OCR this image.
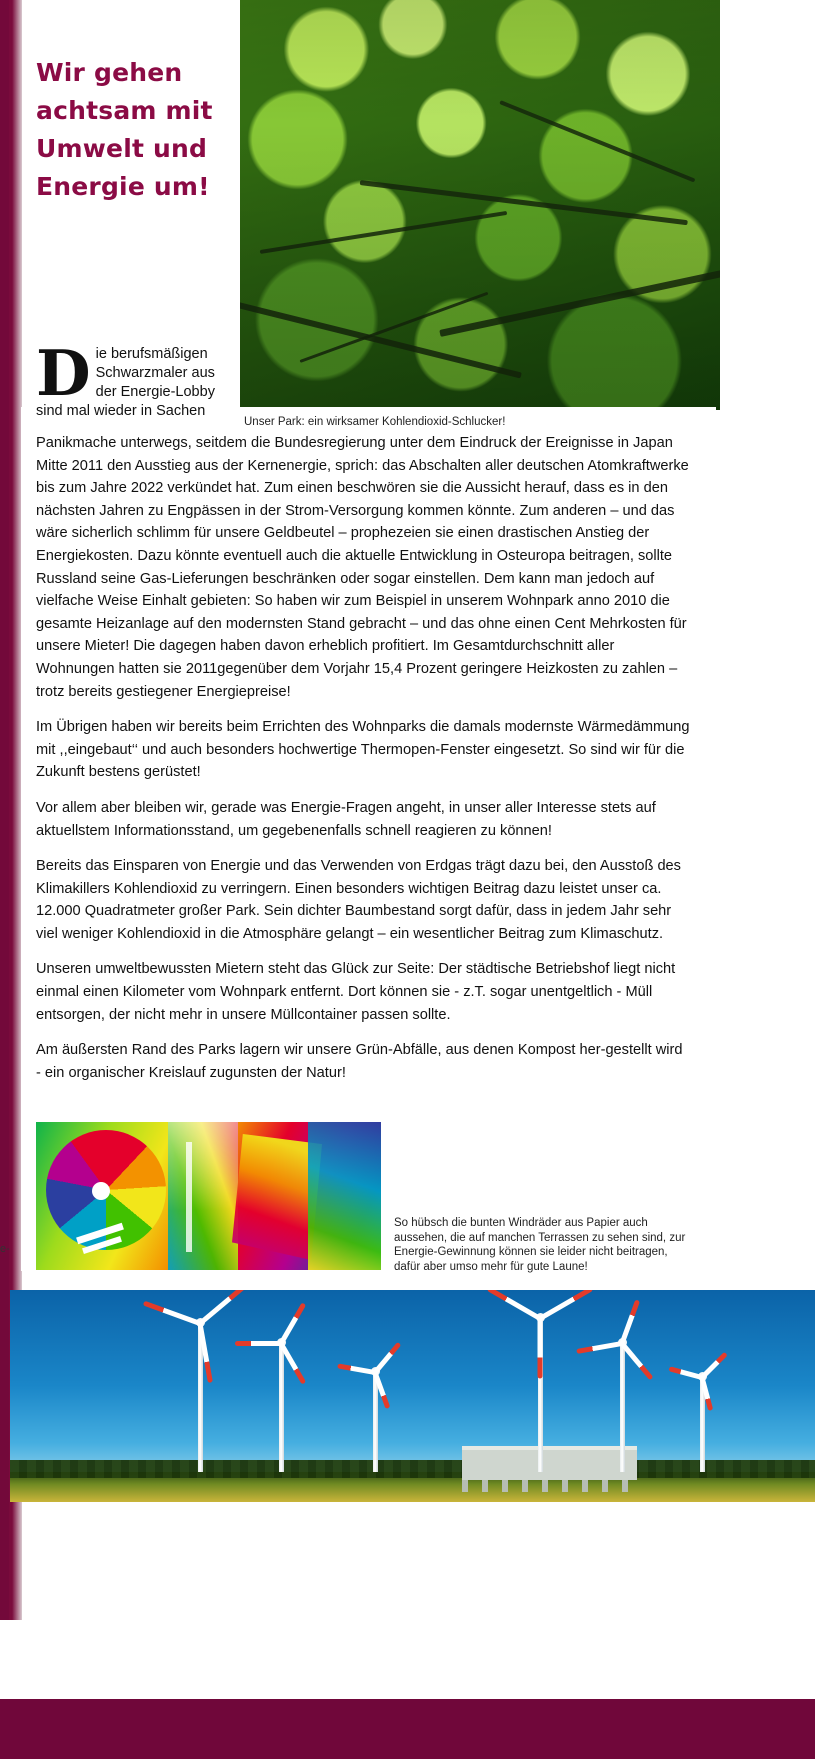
Wir gehen achtsam mit Umwelt und Energie um!
Unser Park: ein wirksamer Kohlendioxid-Schlucker!
D ie berufsmäßigen
Schwarzmaler aus
der Energie-Lobby
sind mal wieder in Sachen

Panikmache unterwegs, seitdem die Bundesregierung unter dem Eindruck der Ereignisse in Japan Mitte 2011 den Ausstieg aus der Kernenergie, sprich: das Abschalten aller deutschen Atomkraftwerke bis zum Jahre 2022 verkündet hat. Zum einen beschwören sie die Aussicht herauf, dass es in den nächsten Jahren zu Engpässen in der Strom-Versorgung kommen könnte. Zum anderen – und das wäre sicherlich schlimm für unsere Geldbeutel – prophezeien sie einen drastischen Anstieg der Energiekosten. Dazu könnte eventuell auch die aktuelle Entwicklung in Osteuropa beitragen, sollte Russland seine Gas-Lieferungen beschränken oder sogar einstellen. Dem kann man jedoch auf vielfache Weise Einhalt gebieten: So haben wir zum Beispiel in unserem Wohnpark anno 2010 die gesamte Heizanlage auf den modernsten Stand gebracht – und das ohne einen Cent Mehrkosten für unsere Mieter! Die dagegen haben davon erheblich profitiert. Im Gesamtdurchschnitt aller Wohnungen hatten sie 2011gegenüber dem Vorjahr 15,4 Prozent geringere Heizkosten zu zahlen – trotz bereits gestiegener Energiepreise!

Im Übrigen haben wir bereits beim Errichten des Wohnparks die damals modernste Wärmedämmung mit ,,eingebaut‘‘ und auch besonders hochwertige Thermopen-Fenster eingesetzt. So sind wir für die Zukunft bestens gerüstet!

Vor allem aber bleiben wir, gerade was Energie-Fragen angeht, in unser aller Interesse stets auf aktuellstem Informationsstand, um gegebenenfalls schnell reagieren zu können!

Bereits das Einsparen von Energie und das Verwenden von Erdgas trägt dazu bei, den Ausstoß des Klimakillers Kohlendioxid zu verringern. Einen besonders wichtigen Beitrag dazu leistet unser ca. 12.000 Quadratmeter großer Park. Sein dichter Baumbestand sorgt dafür, dass in jedem Jahr sehr viel weniger Kohlendioxid in die Atmosphäre gelangt – ein wesentlicher Beitrag zum Klimaschutz.

Unseren umweltbewussten Mietern steht das Glück zur Seite: Der städtische Betriebshof liegt nicht einmal einen Kilometer vom Wohnpark entfernt. Dort können sie - z.T. sogar unentgeltlich - Müll entsorgen, der nicht mehr in unsere Müllcontainer passen sollte.

Am äußersten Rand des Parks lagern wir unsere Grün-Abfälle, aus denen Kompost her-gestellt wird - ein organischer Kreislauf zugunsten der Natur!

So hübsch die bunten Windräder aus Papier auch aussehen, die auf manchen Terrassen zu sehen sind, zur Energie-Gewinnung können sie leider nicht beitragen, dafür aber umso mehr für gute Laune!
e-
